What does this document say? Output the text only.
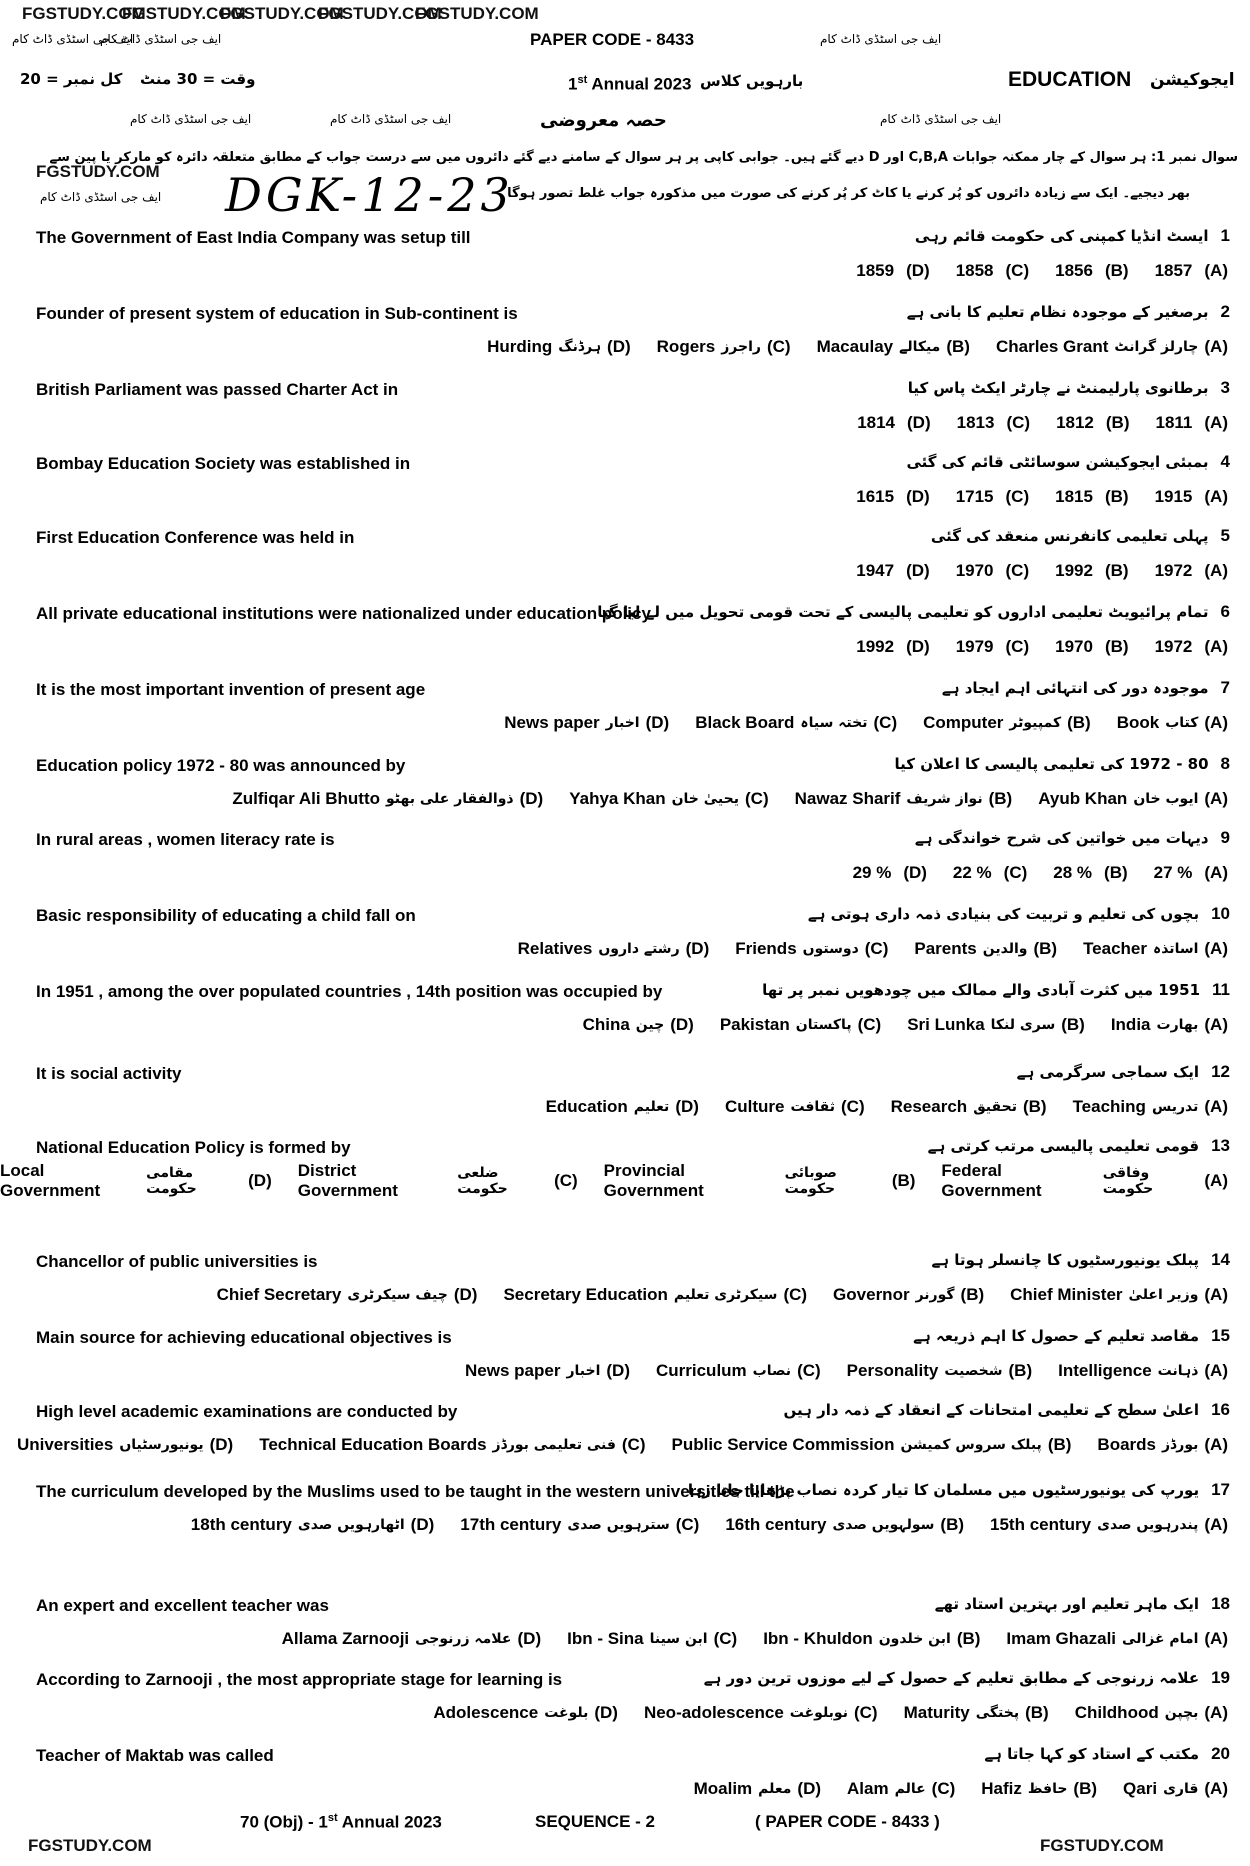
FGSTUDY.COM
FGSTUDY.COM
FGSTUDY.COM
FGSTUDY.COM
FGSTUDY.COM
ایف جی اسٹڈی ڈاٹ کام
ایف جی اسٹڈی ڈاٹ کام	PAPER CODE - 8433	ایف جی اسٹڈی ڈاٹ کام
کل نمبر = 20 وقت = 30 منٹ	1st Annual 2023 بارہویں کلاس	EDUCATION ایجوکیشن
ایف جی اسٹڈی ڈاٹ کام	ایف جی اسٹڈی ڈاٹ کام	حصہ معروضی	ایف جی اسٹڈی ڈاٹ کام
سوال نمبر 1: ہر سوال کے چار ممکنہ جوابات C,B,A اور D دیے گئے ہیں۔ جوابی کاپی پر ہر سوال کے سامنے دیے گئے دائروں میں سے درست جواب کے مطابق متعلقہ دائرہ کو مارکر یا پین سے
FGSTUDY.COM DGK-12-23
ایف جی اسٹڈی ڈاٹ کام	بھر دیجیے۔ ایک سے زیادہ دائروں کو پُر کرنے یا کاٹ کر پُر کرنے کی صورت میں مذکورہ جواب غلط تصور ہوگا
The Government of East India Company was setup till	1
ایسٹ انڈیا کمپنی کی حکومت قائم رہی
(A)
1857
(B)
1856
(C)
1858
(D)
1859
Founder of present system of education in Sub-continent is	2
برصغیر کے موجودہ نظام تعلیم کا بانی ہے
(A)
چارلز گرانٹ
Charles Grant
(B)
میکالے
Macaulay
(C)
راجرز
Rogers
(D)
ہرڈنگ
Hurding
British Parliament was passed Charter Act in	3
برطانوی پارلیمنٹ نے چارٹر ایکٹ پاس کیا
(A)
1811
(B)
1812
(C)
1813
(D)
1814
Bombay Education Society was established in	4
بمبئی ایجوکیشن سوسائٹی قائم کی گئی
(A)
1915
(B)
1815
(C)
1715
(D)
1615
First Education Conference was held in	5
پہلی تعلیمی کانفرنس منعقد کی گئی
(A)
1972
(B)
1992
(C)
1970
(D)
1947
All private educational institutions were nationalized under education policy	6
تمام پرائیویٹ تعلیمی اداروں کو تعلیمی پالیسی کے تحت قومی تحویل میں لے لیا گیا
(A)
1972
(B)
1970
(C)
1979
(D)
1992
It is the most important invention of present age	7
موجودہ دور کی انتہائی اہم ایجاد ہے
(A)
کتاب
Book
(B)
کمپیوٹر
Computer
(C)
تختہ سیاہ
Black Board
(D)
اخبار
News paper
Education policy 1972 - 80 was announced by	8
80 - 1972 کی تعلیمی پالیسی کا اعلان کیا
(A)
ایوب خان
Ayub Khan
(B)
نواز شریف
Nawaz Sharif
(C)
یحییٰ خان
Yahya Khan
(D)
ذوالفقار علی بھٹو
Zulfiqar Ali Bhutto
In rural areas , women literacy rate is	9
دیہات میں خواتین کی شرح خواندگی ہے
(A)
27 %
(B)
28 %
(C)
22 %
(D)
29 %
Basic responsibility of educating a child fall on	10
بچوں کی تعلیم و تربیت کی بنیادی ذمہ داری ہوتی ہے
(A)
اساتذہ
Teacher
(B)
والدین
Parents
(C)
دوستوں
Friends
(D)
رشتے داروں
Relatives
In 1951 , among the over populated countries , 14th position was occupied by	11
1951 میں کثرت آبادی والے ممالک میں چودھویں نمبر پر تھا
(A)
بھارت
India
(B)
سری لنکا
Sri Lunka
(C)
پاکستان
Pakistan
(D)
چین
China
It is social activity	12
ایک سماجی سرگرمی ہے
(A)
تدریس
Teaching
(B)
تحقیق
Research
(C)
ثقافت
Culture
(D)
تعلیم
Education
National Education Policy is formed by	13
قومی تعلیمی پالیسی مرتب کرتی ہے
(A)
وفاقی حکومت
Federal Government
(B)
صوبائی حکومت
Provincial Government
(C)
ضلعی حکومت
District Government
(D)
مقامی حکومت
Local Government
Chancellor of public universities is	14
پبلک یونیورسٹیوں کا چانسلر ہوتا ہے
(A)
وزیر اعلیٰ
Chief Minister
(B)
گورنر
Governor
(C)
سیکرٹری تعلیم
Secretary Education
(D)
چیف سیکرٹری
Chief Secretary
Main source for achieving educational objectives is	15
مقاصد تعلیم کے حصول کا اہم ذریعہ ہے
(A)
ذہانت
Intelligence
(B)
شخصیت
Personality
(C)
نصاب
Curriculum
(D)
اخبار
News paper
High level academic examinations are conducted by	16
اعلیٰ سطح کے تعلیمی امتحانات کے انعقاد کے ذمہ دار ہیں
(A)
بورڈز
Boards
(B)
پبلک سروس کمیشن
Public Service Commission
(C)
فنی تعلیمی بورڈز
Technical Education Boards
(D)
یونیورسٹیاں
Universities
The curriculum developed by the Muslims used to be taught in the western universities till the	17
یورپ کی یونیورسٹیوں میں مسلمان کا تیار کردہ نصاب پڑھایا جاتا رہا
(A)
پندرہویں صدی
15th century
(B)
سولہویں صدی
16th century
(C)
سترہویں صدی
17th century
(D)
اٹھارہویں صدی
18th century
An expert and excellent teacher was	18
ایک ماہر تعلیم اور بہترین استاد تھے
(A)
امام غزالی
Imam Ghazali
(B)
ابن خلدون
Ibn - Khuldon
(C)
ابن سینا
Ibn - Sina
(D)
علامہ زرنوجی
Allama Zarnooji
According to Zarnooji , the most appropriate stage for learning is	19
علامہ زرنوجی کے مطابق تعلیم کے حصول کے لیے موزوں ترین دور ہے
(A)
بچپن
Childhood
(B)
پختگی
Maturity
(C)
نوبلوغت
Neo-adolescence
(D)
بلوغت
Adolescence
Teacher of Maktab was called	20
مکتب کے استاد کو کہا جاتا ہے
(A)
قاری
Qari
(B)
حافظ
Hafiz
(C)
عالم
Alam
(D)
معلم
Moalim
70 (Obj) - 1st Annual 2023	SEQUENCE - 2	( PAPER CODE - 8433 )
FGSTUDY.COM	FGSTUDY.COM
